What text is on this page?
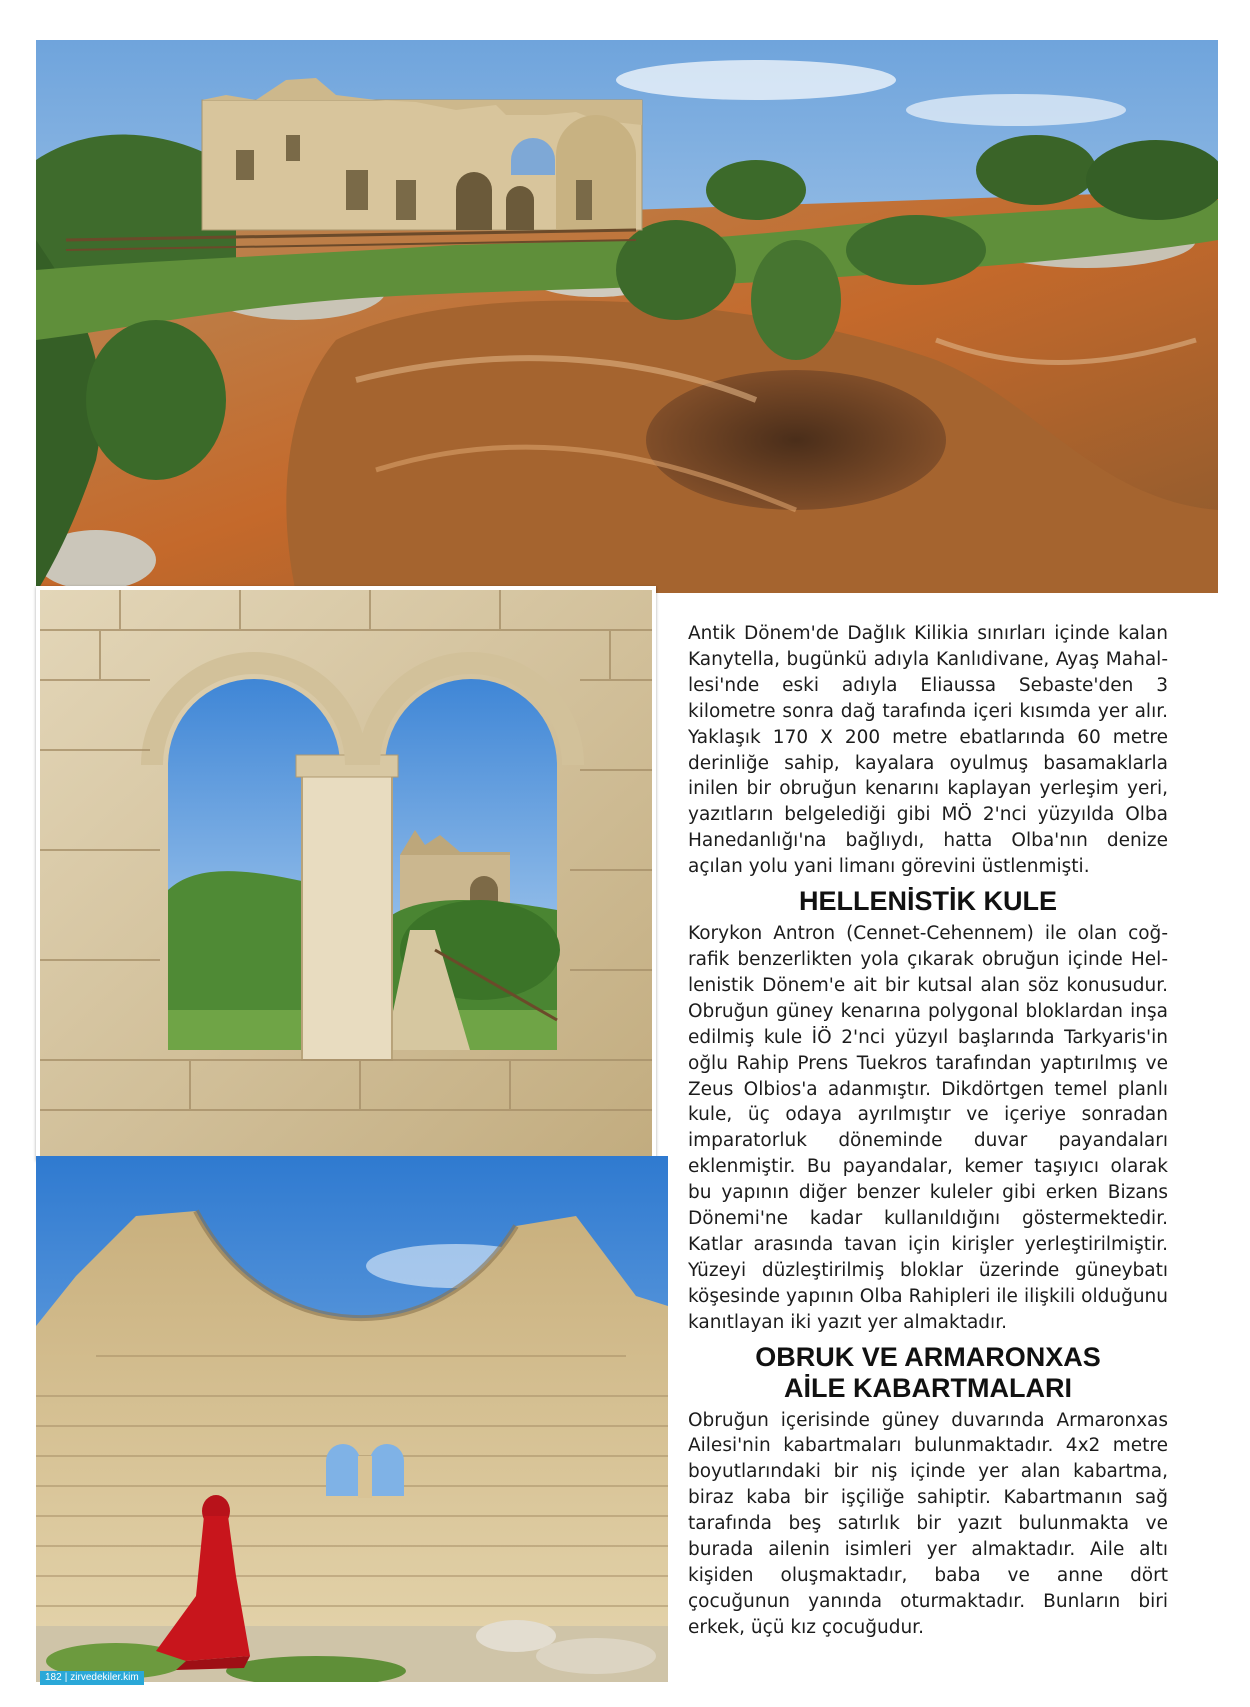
Antik Dönem'de Dağlık Kilikia sınırları içinde kalan Kanytella, bugünkü adıyla Kanlıdivane, Ayaş Mahallesi'nde eski adıyla Eliaussa Sebaste'den 3 kilometre sonra dağ tarafında içeri kısımda yer alır. Yaklaşık 170 X 200 metre ebatlarında 60 metre derinliğe sahip, kayalara oyulmuş basamaklarla inilen bir obruğun kenarını kaplayan yerleşim yeri, yazıtların belgelediği gibi MÖ 2'nci yüzyılda Olba Hanedanlığı'na bağlıydı, hatta Olba'nın denize açılan yolu yani limanı görevini üstlenmişti.

HELLENİSTİK KULE

Korykon Antron (Cennet-Cehennem) ile olan coğrafik benzerlikten yola çıkarak obruğun içinde Hellenistik Dönem'e ait bir kutsal alan söz konusudur. Obruğun güney kenarına polygonal bloklardan inşa edilmiş kule İÖ 2'nci yüzyıl başlarında Tarkyaris'in oğlu Rahip Prens Tuekros tarafından yaptırılmış ve Zeus Olbios'a adanmıştır. Dikdörtgen temel planlı kule, üç odaya ayrılmıştır ve içeriye sonradan imparatorluk döneminde duvar payandaları eklenmiştir. Bu payandalar, kemer taşıyıcı olarak bu yapının diğer benzer kuleler gibi erken Bizans Dönemi'ne kadar kullanıldığını göstermektedir. Katlar arasında tavan için kirişler yerleştirilmiştir. Yüzeyi düzleştirilmiş bloklar üzerinde güneybatı köşesinde yapının Olba Rahipleri ile ilişkili olduğunu kanıtlayan iki yazıt yer almaktadır.

OBRUK VE ARMARONXAS
AİLE KABARTMALARI

Obruğun içerisinde güney duvarında Armaronxas Ailesi'nin kabartmaları bulunmaktadır. 4x2 metre boyutlarındaki bir niş içinde yer alan kabartma, biraz kaba bir işçiliğe sahiptir. Kabartmanın sağ tarafında beş satırlık bir yazıt bulunmakta ve burada ailenin isimleri yer almaktadır. Aile altı kişiden oluşmaktadır, baba ve anne dört çocuğunun yanında oturmaktadır. Bunların biri erkek, üçü kız çocuğudur.

182 | zirvedekiler.kim
